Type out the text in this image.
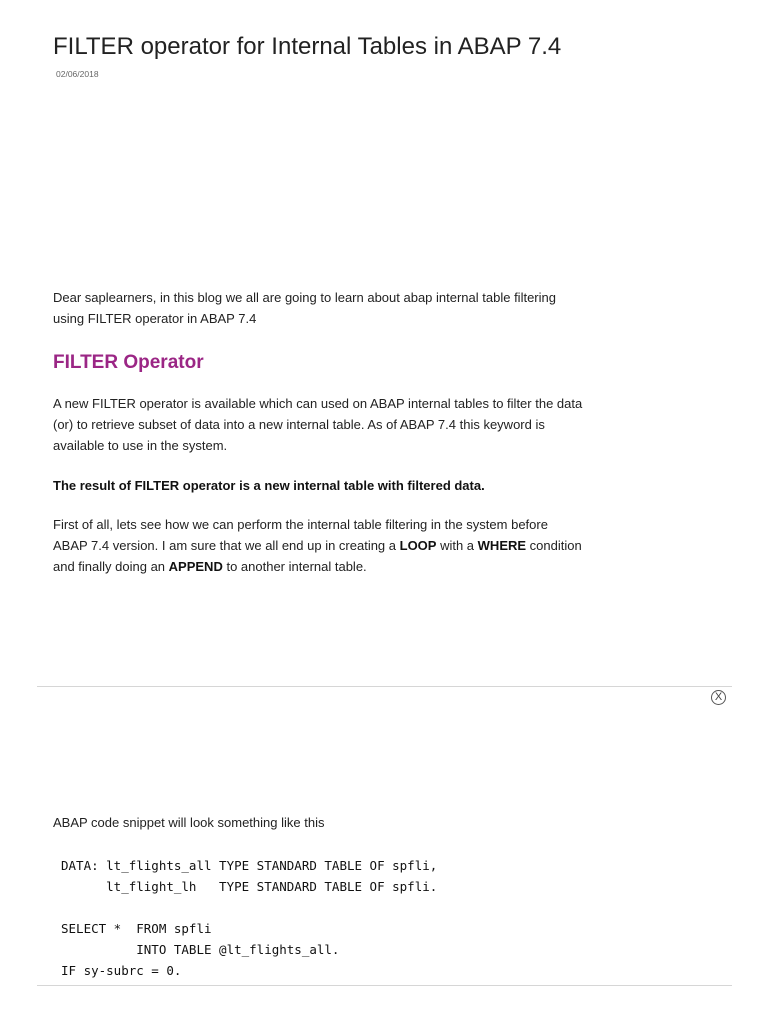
FILTER operator for Internal Tables in ABAP 7.4
02/06/2018

Dear saplearners, in this blog we all are going to learn about abap internal table filtering using FILTER operator in ABAP 7.4

FILTER Operator

A new FILTER operator is available which can used on ABAP internal tables to filter the data (or) to retrieve subset of data into a new internal table. As of ABAP 7.4 this keyword is available to use in the system.

The result of FILTER operator is a new internal table with filtered data.

First of all, lets see how we can perform the internal table filtering in the system before ABAP 7.4 version. I am sure that we all end up in creating a LOOP with a WHERE condition and finally doing an APPEND to another internal table.

X

ABAP code snippet will look something like this

DATA: lt_flights_all TYPE STANDARD TABLE OF spfli,
lt_flight_lh   TYPE STANDARD TABLE OF spfli.

SELECT *  FROM spfli
INTO TABLE @lt_flights_all.
IF sy-subrc = 0.
